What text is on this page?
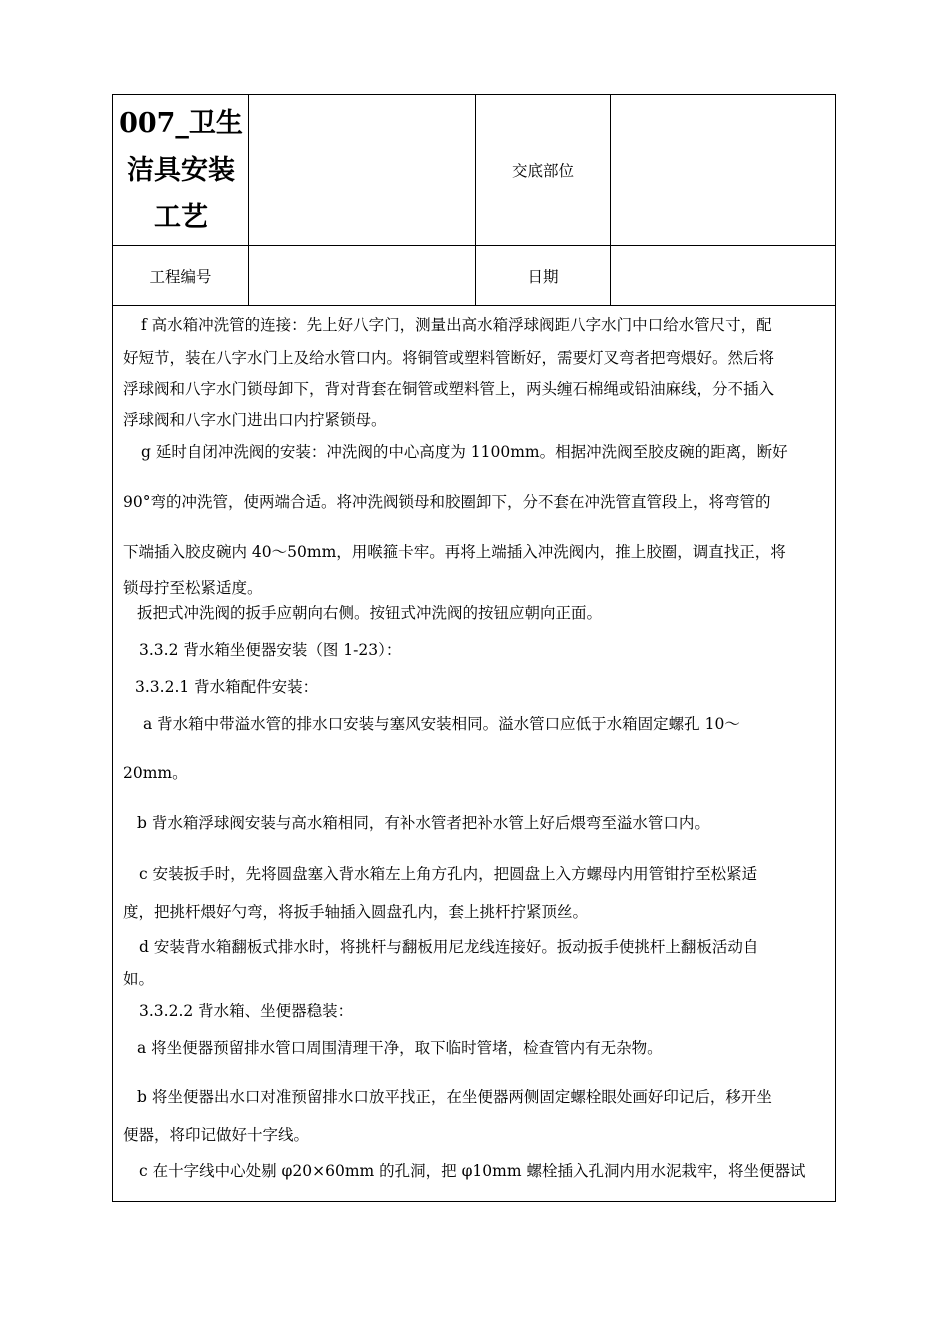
007_卫生
洁具安装
工艺
交底部位
工程编号	日期
f 高水箱冲洗管的连接：先上好八字门，测量出高水箱浮球阀距八字水门中口给水管尺寸，配
好短节，装在八字水门上及给水管口内。将铜管或塑料管断好，需要灯叉弯者把弯煨好。然后将
浮球阀和八字水门锁母卸下，背对背套在铜管或塑料管上，两头缠石棉绳或铅油麻线，分不插入
浮球阀和八字水门进出口内拧紧锁母。
g 延时自闭冲洗阀的安装：冲洗阀的中心高度为 1100mm。相据冲洗阀至胶皮碗的距离，断好
90°弯的冲洗管，使两端合适。将冲洗阀锁母和胶圈卸下，分不套在冲洗管直管段上，将弯管的
下端插入胶皮碗内 40～50mm，用喉箍卡牢。再将上端插入冲洗阀内，推上胶圈，调直找正，将
锁母拧至松紧适度。
扳把式冲洗阀的扳手应朝向右侧。按钮式冲洗阀的按钮应朝向正面。
3.3.2 背水箱坐便器安装（图 1-23）：
3.3.2.1 背水箱配件安装：
a 背水箱中带溢水管的排水口安装与塞风安装相同。溢水管口应低于水箱固定螺孔 10～
20mm。
b 背水箱浮球阀安装与高水箱相同，有补水管者把补水管上好后煨弯至溢水管口内。
c 安装扳手时，先将圆盘塞入背水箱左上角方孔内，把圆盘上入方螺母内用管钳拧至松紧适
度，把挑杆煨好勺弯，将扳手轴插入圆盘孔内，套上挑杆拧紧顶丝。
d 安装背水箱翻板式排水时，将挑杆与翻板用尼龙线连接好。扳动扳手使挑杆上翻板活动自
如。
3.3.2.2 背水箱、坐便器稳装：
a 将坐便器预留排水管口周围清理干净，取下临时管堵，检查管内有无杂物。
b 将坐便器出水口对准预留排水口放平找正，在坐便器两侧固定螺栓眼处画好印记后，移开坐
便器，将印记做好十字线。
c 在十字线中心处剔 φ20×60mm 的孔洞，把 φ10mm 螺栓插入孔洞内用水泥栽牢，将坐便器试
